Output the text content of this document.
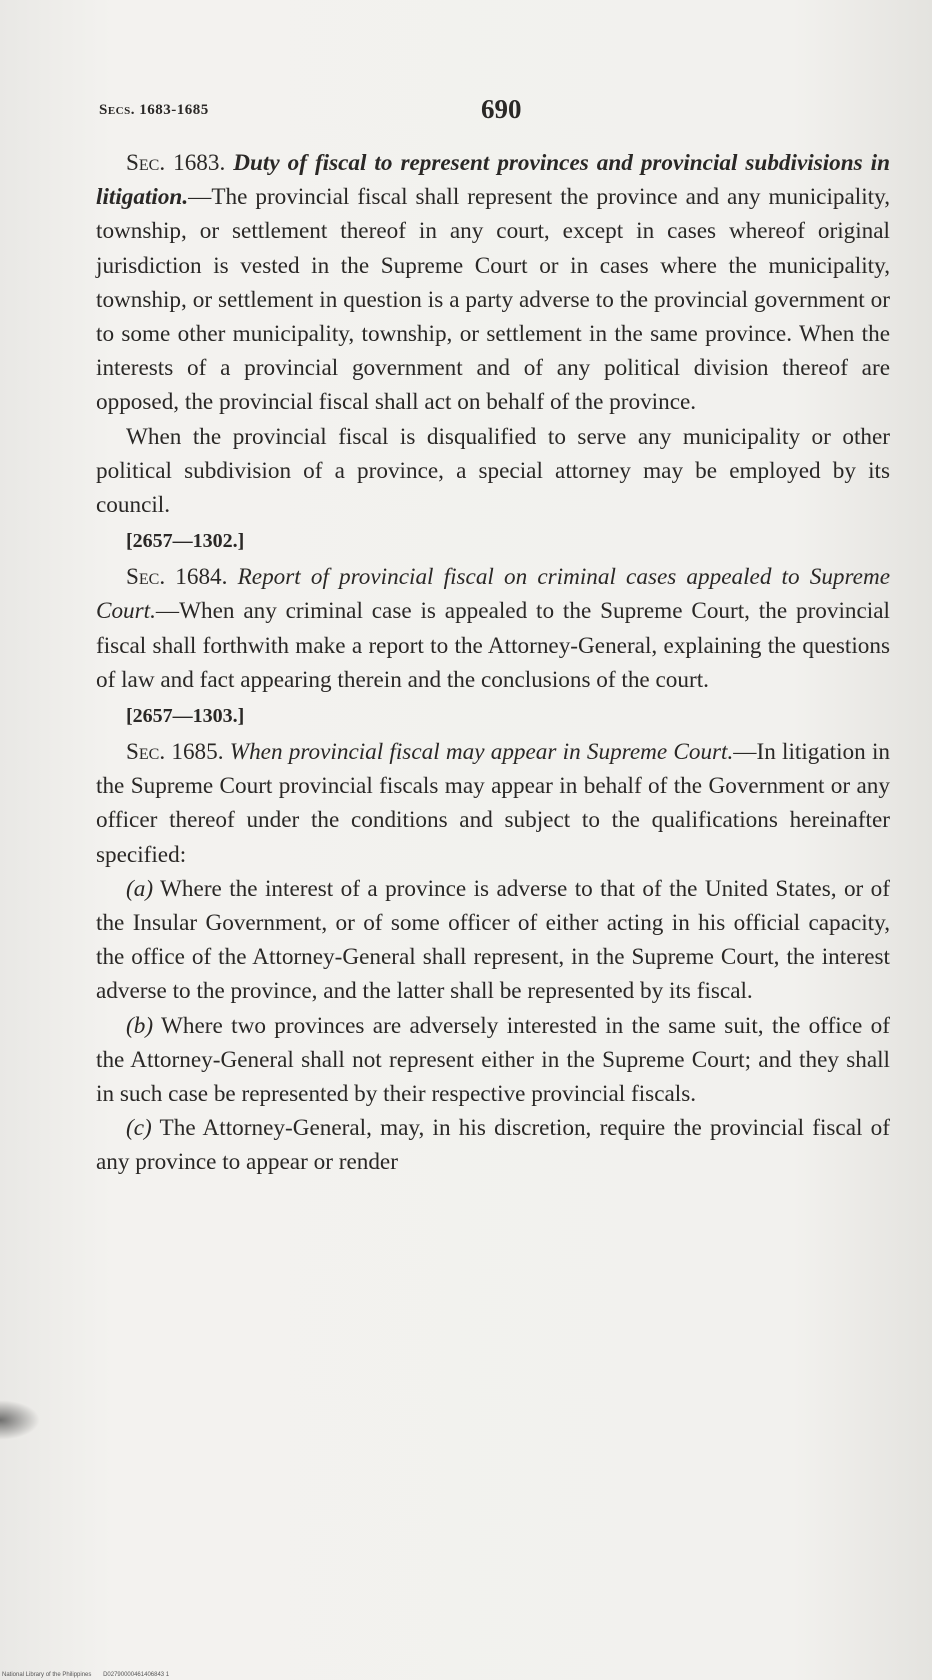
Secs. 1683-1685	690

Sec. 1683. Duty of fiscal to represent provinces and provincial subdivisions in litigation.—The provincial fiscal shall represent the province and any municipality, township, or settlement thereof in any court, except in cases whereof original jurisdiction is vested in the Supreme Court or in cases where the municipality, township, or settlement in question is a party adverse to the provincial government or to some other municipality, township, or settlement in the same province. When the interests of a provincial government and of any political division thereof are opposed, the provincial fiscal shall act on behalf of the province.

When the provincial fiscal is disqualified to serve any municipality or other political subdivision of a province, a special attorney may be employed by its council.

[2657—1302.]

Sec. 1684. Report of provincial fiscal on criminal cases appealed to Supreme Court.—When any criminal case is appealed to the Supreme Court, the provincial fiscal shall forthwith make a report to the Attorney-General, explaining the questions of law and fact appearing therein and the conclusions of the court.

[2657—1303.]

Sec. 1685. When provincial fiscal may appear in Supreme Court.—In litigation in the Supreme Court provincial fiscals may appear in behalf of the Government or any officer thereof under the conditions and subject to the qualifications hereinafter specified:

(a) Where the interest of a province is adverse to that of the United States, or of the Insular Government, or of some officer of either acting in his official capacity, the office of the Attorney-General shall represent, in the Supreme Court, the interest adverse to the province, and the latter shall be represented by its fiscal.

(b) Where two provinces are adversely interested in the same suit, the office of the Attorney-General shall not represent either in the Supreme Court; and they shall in such case be represented by their respective provincial fiscals.

(c) The Attorney-General, may, in his discretion, require the provincial fiscal of any province to appear or render

National Library of the Philippines D02790000461406843 1
